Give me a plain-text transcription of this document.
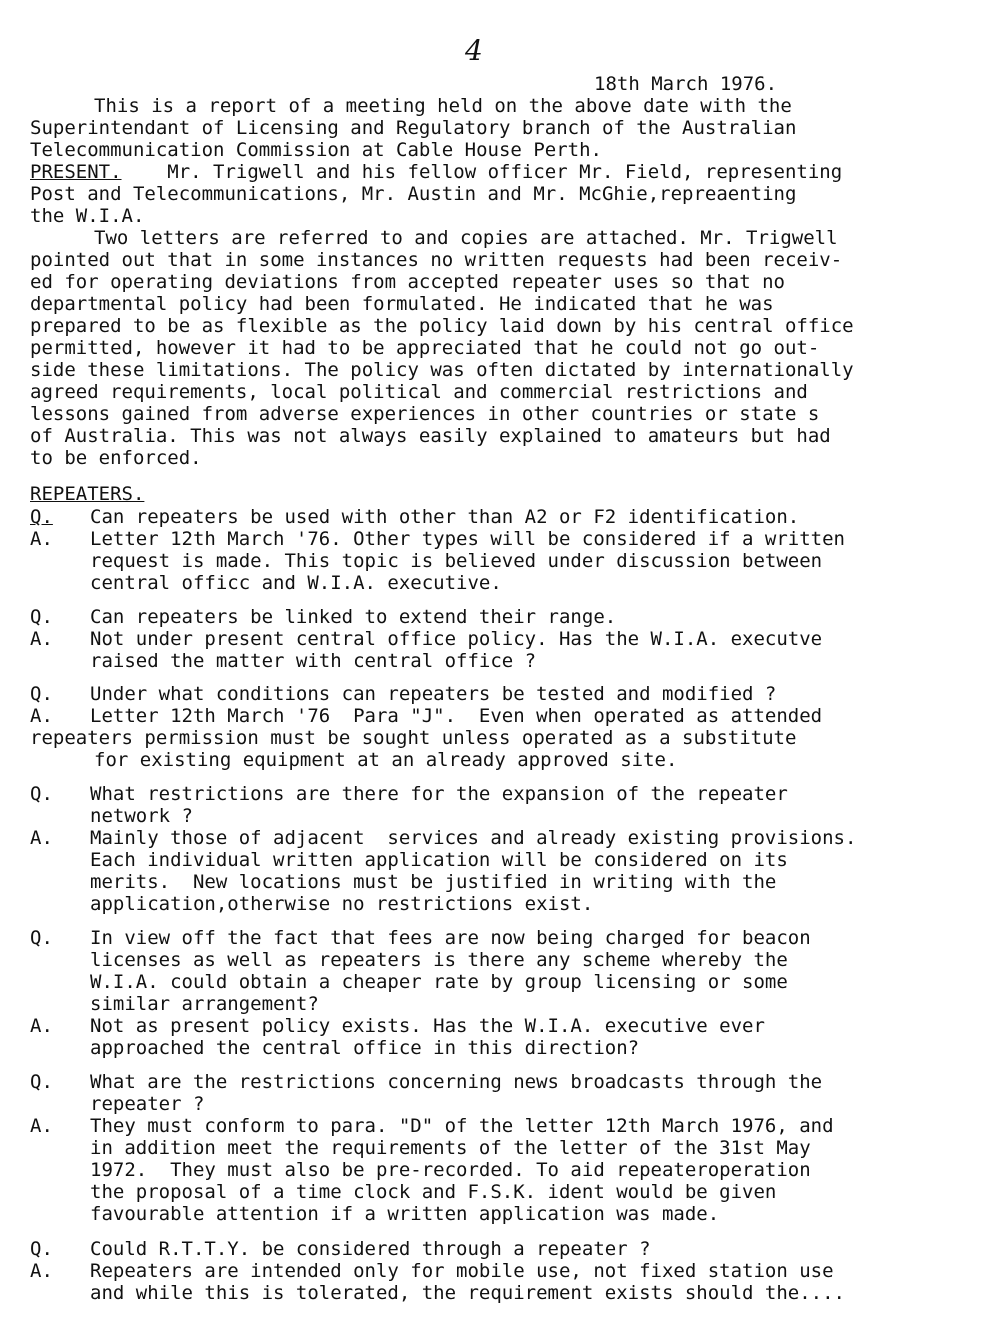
4
18th March 1976.
This is a report of a meeting held on the above date with the
Superintendant of Licensing and Regulatory branch of the Australian
Telecommunication Commission at Cable House Perth.
PRESENT. Mr. Trigwell and his fellow officer Mr. Field, representing
Post and Telecommunications, Mr. Austin and Mr. McGhie,repreaenting
the W.I.A.
Two letters are referred to and copies are attached. Mr. Trigwell
pointed out that in some instances no written requests had been receiv-
ed for operating deviations from accepted repeater uses so that no
departmental policy had been formulated. He indicated that he was
prepared to be as flexible as the policy laid down by his central office
permitted, however it had to be appreciated that he could not go out-
side these limitations. The policy was often dictated by internationally
agreed requirements, local political and commercial restrictions and
lessons gained from adverse experiences in other countries or state s
of Australia. This was not always easily explained to amateurs but had
to be enforced.
REPEATERS.
Q.	Can repeaters be used with other than A2 or F2 identification.
A.	Letter 12th March '76. Other types will be considered if a written
request is made. This topic is believed under discussion between
central officc and W.I.A. executive.
Q.	Can repeaters be linked to extend their range.
A.	Not under present central office policy. Has the W.I.A. executve
raised the matter with central office ?
Q.	Under what conditions can repeaters be tested and modified ?
A.	Letter 12th March '76  Para "J".  Even when operated as attended
repeaters permission must be sought unless operated as a substitute
for existing equipment at an already approved site.
Q.	What restrictions are there for the expansion of the repeater
network ?
A.	Mainly those of adjacent  services and already existing provisions.
Each individual written application will be considered on its
merits.  New locations must be justified in writing with the
application,otherwise no restrictions exist.
Q.	In view off the fact that fees are now being charged for beacon
licenses as well as repeaters is there any scheme whereby the
W.I.A. could obtain a cheaper rate by group licensing or some
similar arrangement?
A.	Not as present policy exists. Has the W.I.A. executive ever
approached the central office in this direction?
Q.	What are the restrictions concerning news broadcasts through the
repeater ?
A.	They must conform to para. "D" of the letter 12th March 1976, and
in addition meet the requirements of the letter of the 31st May
1972.  They must also be pre-recorded. To aid repeateroperation
the proposal of a time clock and F.S.K. ident would be given
favourable attention if a written application was made.
Q.	Could R.T.T.Y. be considered through a repeater ?
A.	Repeaters are intended only for mobile use, not fixed station use
and while this is tolerated, the requirement exists should the....
